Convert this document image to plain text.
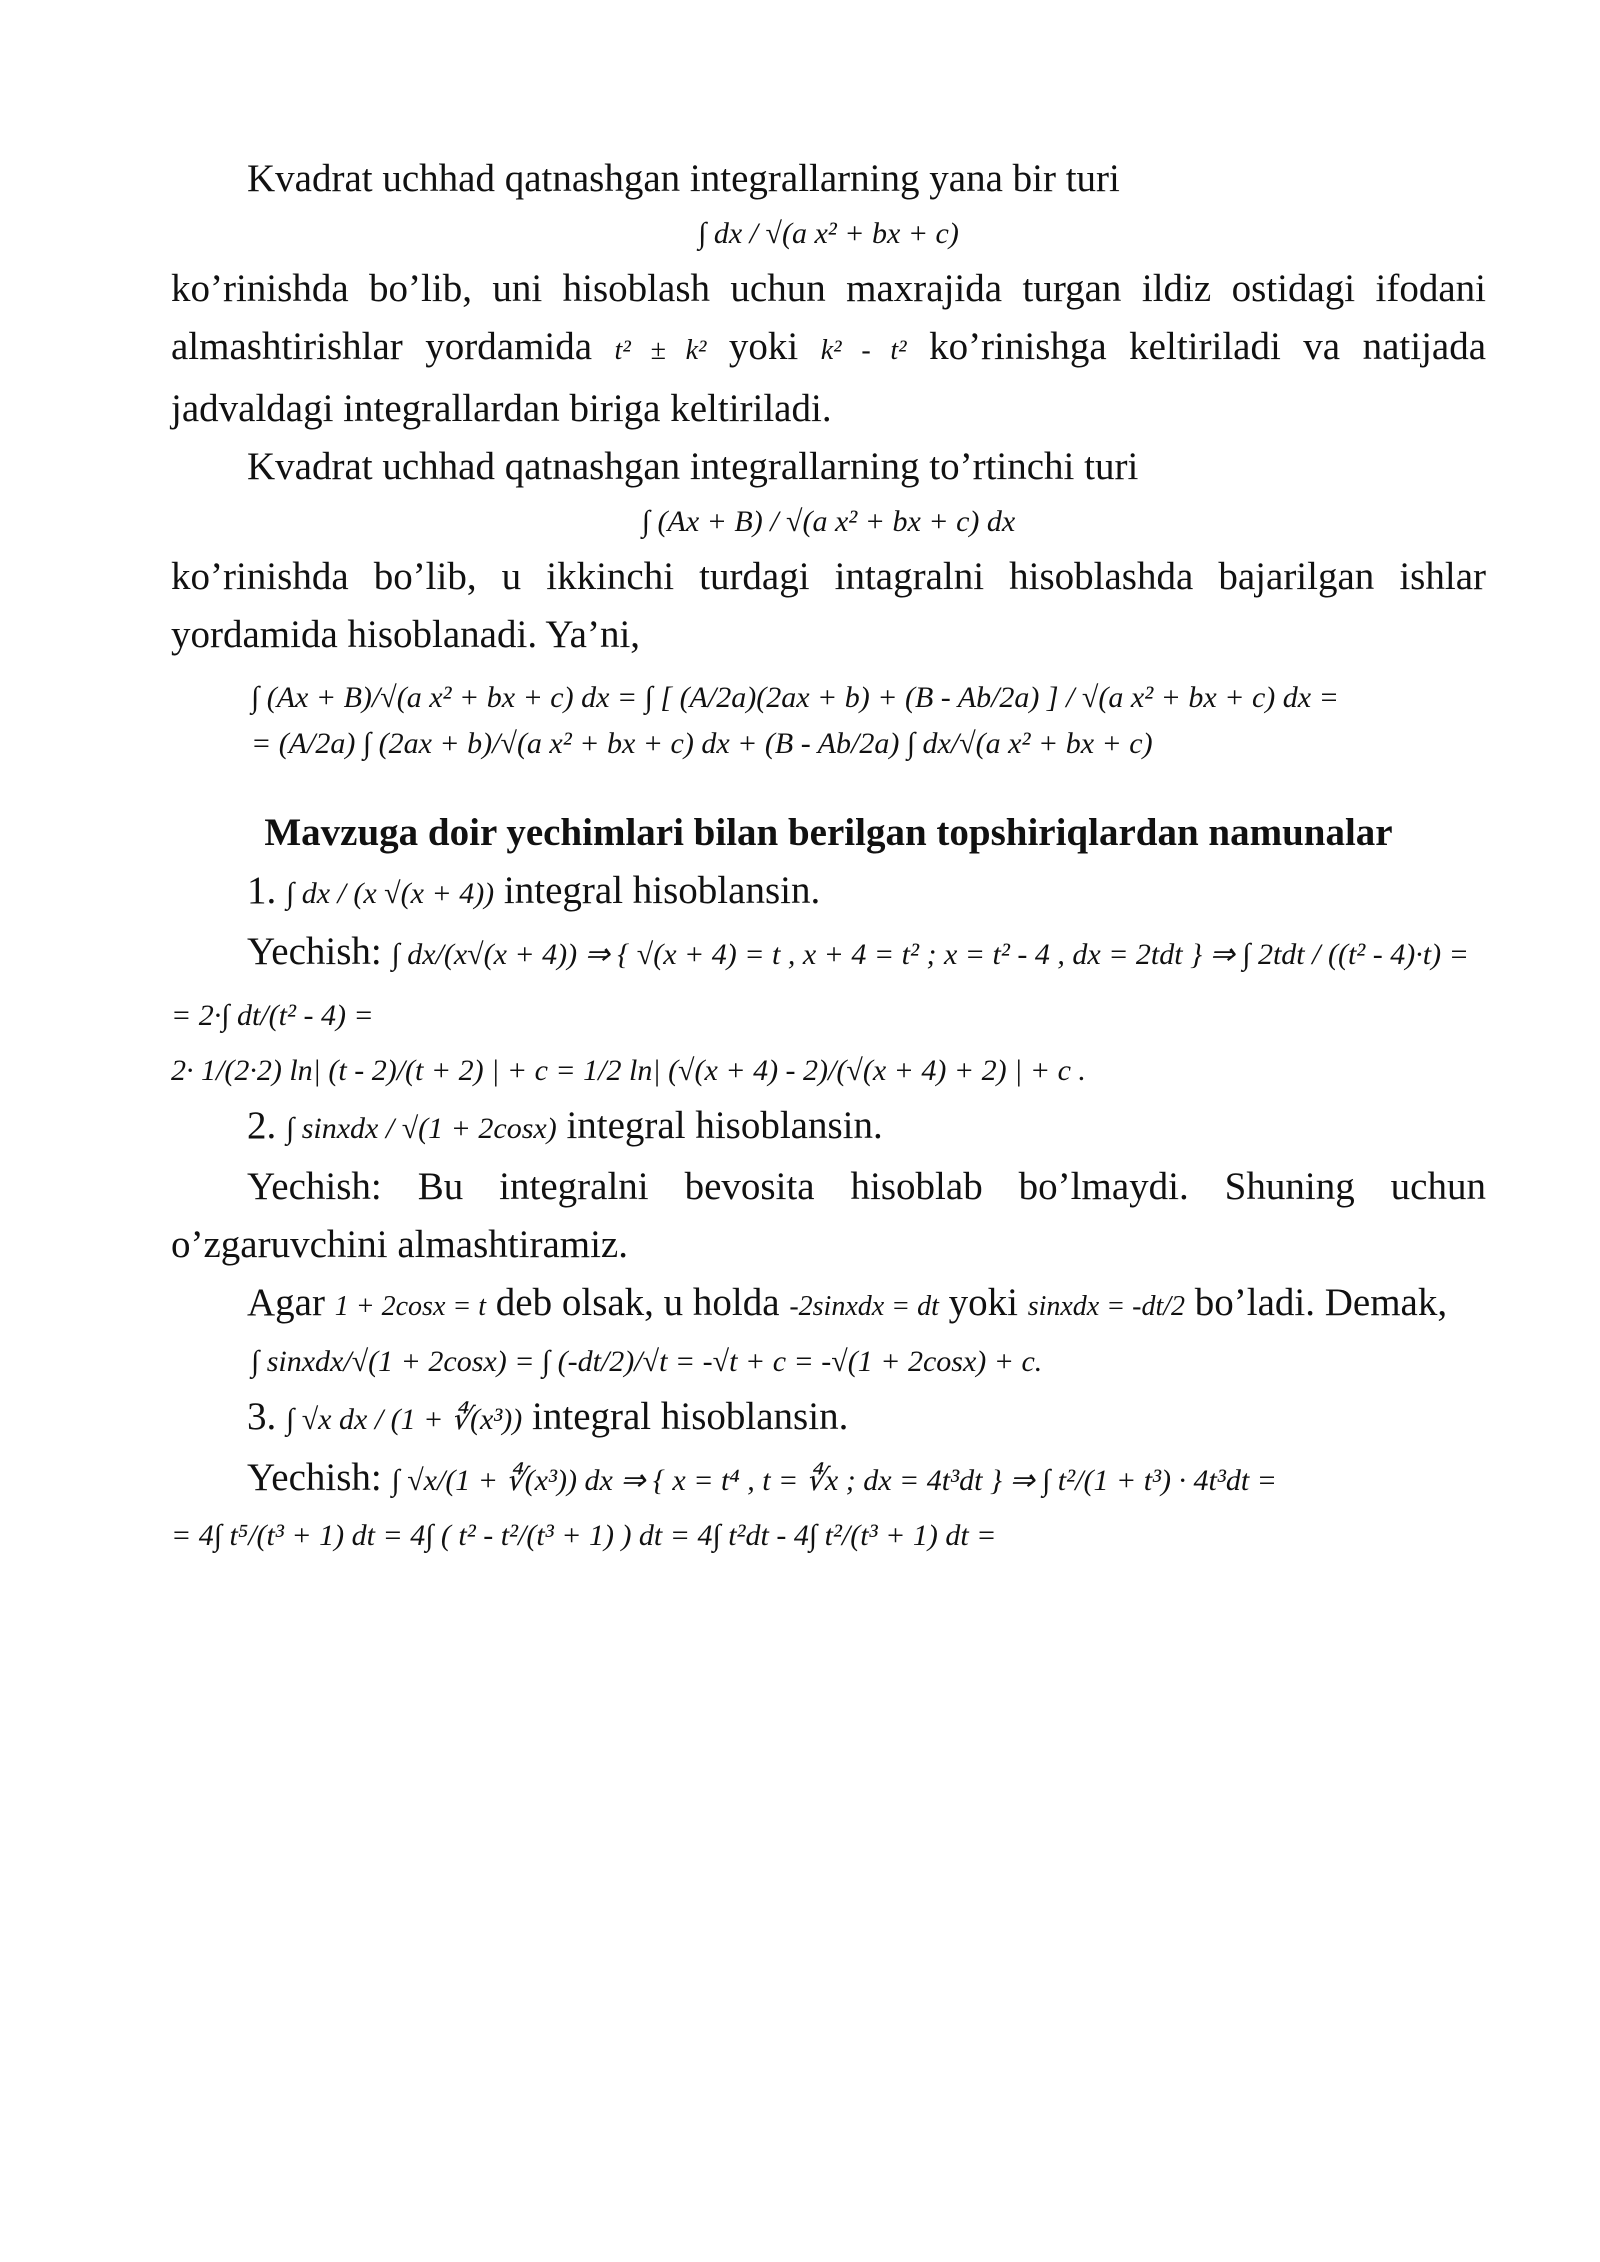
Kvadrat uchhad qatnashgan integrallarning yana bir turi

∫ dx / √(a x² + bx + c)

ko’rinishda bo’lib, uni hisoblash uchun maxrajida turgan ildiz ostidagi ifodani almashtirishlar yordamida t² ± k² yoki k² - t² ko’rinishga keltiriladi va natijada jadvaldagi integrallardan biriga keltiriladi.

Kvadrat uchhad qatnashgan integrallarning to’rtinchi turi

∫ (Ax + B) / √(a x² + bx + c) dx

ko’rinishda bo’lib, u ikkinchi turdagi intagralni hisoblashda bajarilgan ishlar yordamida hisoblanadi. Ya’ni,

∫ (Ax + B)/√(a x² + bx + c) dx = ∫ [ (A/2a)(2ax + b) + (B - Ab/2a) ] / √(a x² + bx + c) dx =

= (A/2a) ∫ (2ax + b)/√(a x² + bx + c) dx + (B - Ab/2a) ∫ dx/√(a x² + bx + c)

Mavzuga doir yechimlari bilan berilgan topshiriqlardan namunalar

1. ∫ dx / (x √(x + 4)) integral hisoblansin.

Yechish: ∫ dx/(x√(x + 4)) ⇒ { √(x + 4) = t , x + 4 = t² ; x = t² - 4 , dx = 2tdt } ⇒ ∫ 2tdt / ((t² - 4)·t) = = 2·∫ dt/(t² - 4) =

2· 1/(2·2) ln| (t - 2)/(t + 2) | + c = 1/2 ln| (√(x + 4) - 2)/(√(x + 4) + 2) | + c .

2. ∫ sinxdx / √(1 + 2cosx) integral hisoblansin.

Yechish: Bu integralni bevosita hisoblab bo’lmaydi. Shuning uchun o’zgaruvchini almashtiramiz.

Agar 1 + 2cosx = t deb olsak, u holda -2sinxdx = dt yoki sinxdx = -dt/2 bo’ladi. Demak,

∫ sinxdx/√(1 + 2cosx) = ∫ (-dt/2)/√t = -√t + c = -√(1 + 2cosx) + c.

3. ∫ √x dx / (1 + ∜(x³)) integral hisoblansin.

Yechish: ∫ √x/(1 + ∜(x³)) dx ⇒ { x = t⁴ , t = ∜x ; dx = 4t³dt } ⇒ ∫ t²/(1 + t³) · 4t³dt =

= 4∫ t⁵/(t³ + 1) dt = 4∫ ( t² - t²/(t³ + 1) ) dt = 4∫ t²dt - 4∫ t²/(t³ + 1) dt =
